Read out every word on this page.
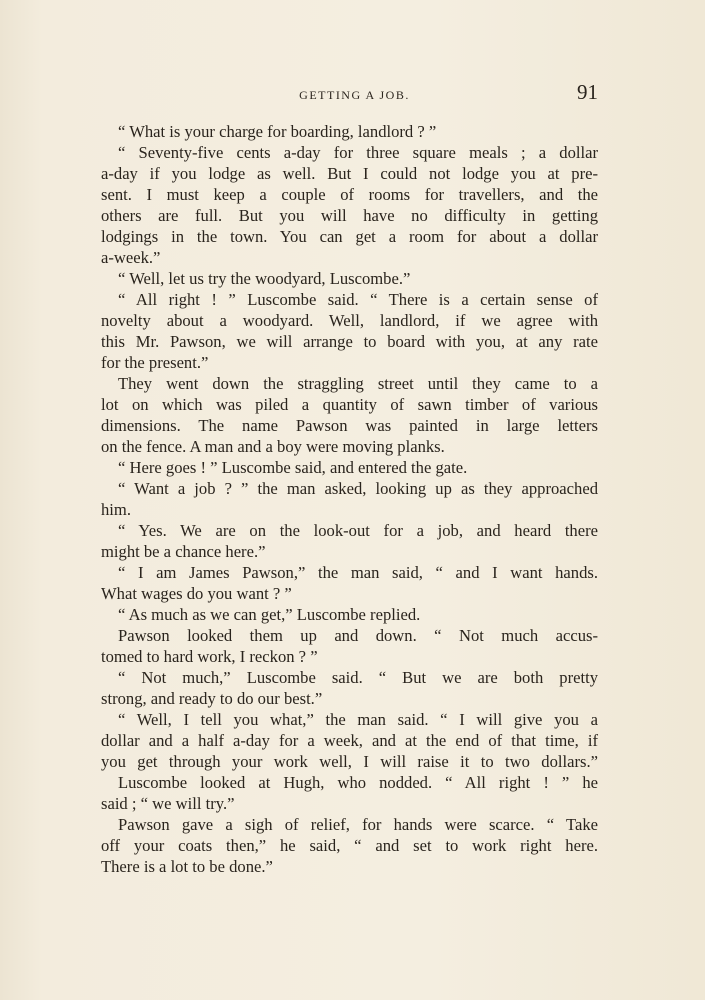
GETTING A JOB.	91
“ What is your charge for boarding, landlord ? ”
“ Seventy-five cents a-day for three square meals ; a dollar
a-day if you lodge as well. But I could not lodge you at pre-
sent. I must keep a couple of rooms for travellers, and the
others are full. But you will have no difficulty in getting
lodgings in the town. You can get a room for about a dollar
a-week.”
“ Well, let us try the woodyard, Luscombe.”
“ All right ! ” Luscombe said. “ There is a certain sense of
novelty about a woodyard. Well, landlord, if we agree with
this Mr. Pawson, we will arrange to board with you, at any rate
for the present.”
They went down the straggling street until they came to a
lot on which was piled a quantity of sawn timber of various
dimensions. The name Pawson was painted in large letters
on the fence. A man and a boy were moving planks.
“ Here goes ! ” Luscombe said, and entered the gate.
“ Want a job ? ” the man asked, looking up as they approached
him.
“ Yes. We are on the look-out for a job, and heard there
might be a chance here.”
“ I am James Pawson,” the man said, “ and I want hands.
What wages do you want ? ”
“ As much as we can get,” Luscombe replied.
Pawson looked them up and down. “ Not much accus-
tomed to hard work, I reckon ? ”
“ Not much,” Luscombe said. “ But we are both pretty
strong, and ready to do our best.”
“ Well, I tell you what,” the man said. “ I will give you a
dollar and a half a-day for a week, and at the end of that time, if
you get through your work well, I will raise it to two dollars.”
Luscombe looked at Hugh, who nodded. “ All right ! ” he
said ; “ we will try.”
Pawson gave a sigh of relief, for hands were scarce. “ Take
off your coats then,” he said, “ and set to work right here.
There is a lot to be done.”
